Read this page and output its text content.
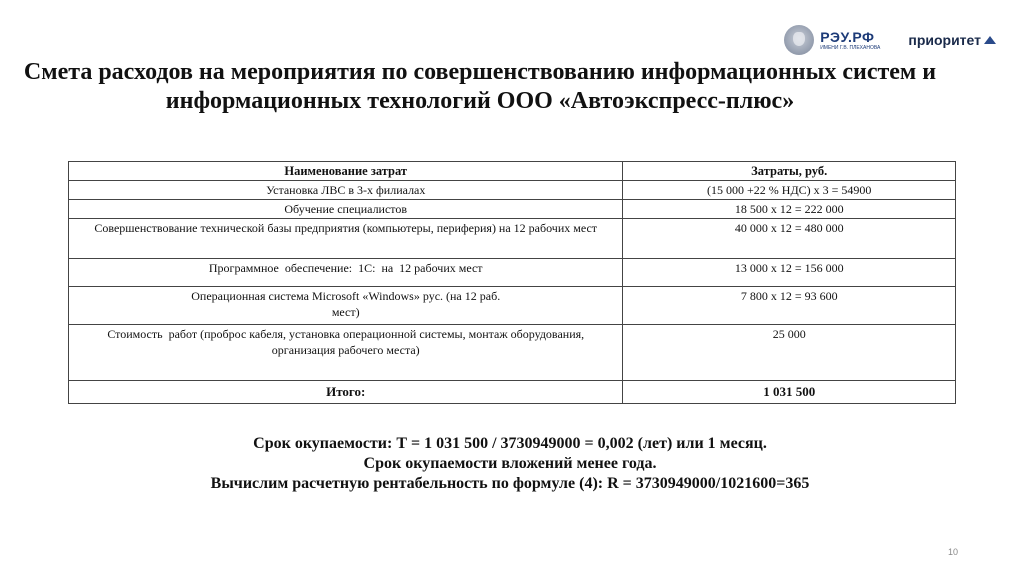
РЭУ.РФ
ИМЕНИ Г.В. ПЛЕХАНОВА приоритет
Смета расходов на мероприятия по совершенствованию информационных систем и информационных технологий ООО «Автоэкспресс-плюс»
Наименование затрат	Затраты, руб.
Установка ЛВС в 3-х филиалах	(15 000 +22 % НДС) х 3 = 54900
Обучение специалистов	18 500 х 12 = 222 000
Совершенствование технической базы предприятия (компьютеры, периферия) на 12 рабочих мест	40 000 х 12 = 480 000
Программное  обеспечение:  1С:  на  12 рабочих мест	13 000 х 12 = 156 000
Операционная система Microsoft «Windows» рус. (на 12 раб. мест)	7 800 х 12 = 93 600
Стоимость  работ (проброс кабеля, установка операционной системы, монтаж оборудования, организация рабочего места)	25 000
Итого:	1 031 500

Срок окупаемости: Т = 1 031 500 / 3730949000 = 0,002 (лет) или 1 месяц.

Срок окупаемости вложений менее года.

Вычислим расчетную рентабельность по формуле (4): R = 3730949000/1021600=365

10
